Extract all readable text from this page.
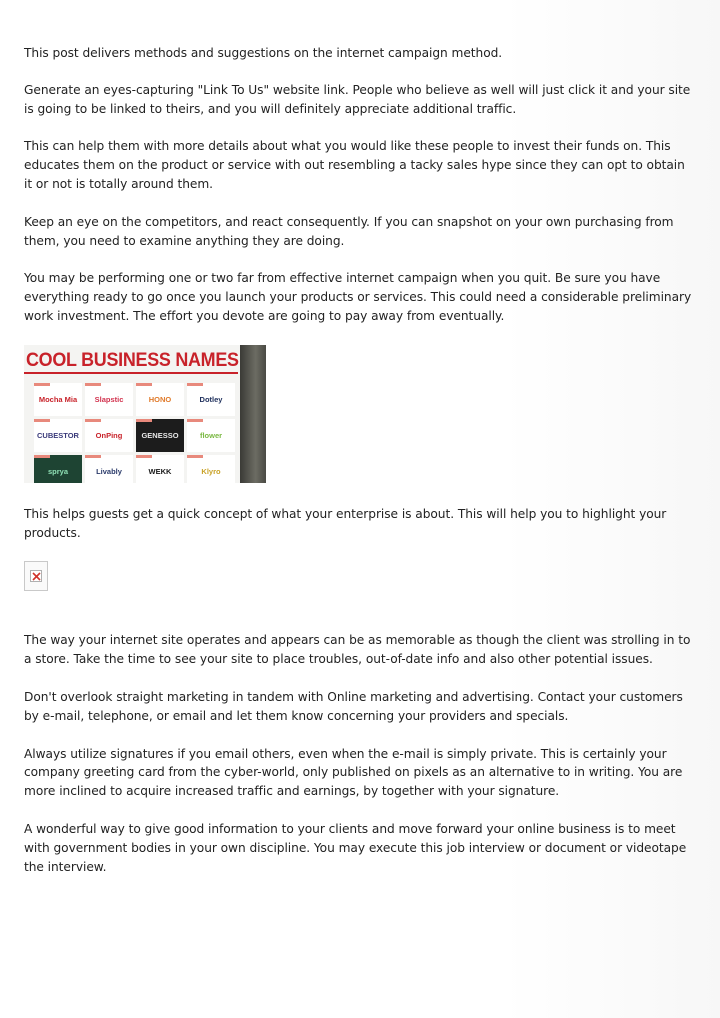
This post delivers methods and suggestions on the internet campaign method.

Generate an eyes-capturing "Link To Us" website link. People who believe as well will just click it and your site is going to be linked to theirs, and you will definitely appreciate additional traffic.

This can help them with more details about what you would like these people to invest their funds on. This educates them on the product or service with out resembling a tacky sales hype since they can opt to obtain it or not is totally around them.

Keep an eye on the competitors, and react consequently. If you can snapshot on your own purchasing from them, you need to examine anything they are doing.

You may be performing one or two far from effective internet campaign when you quit. Be sure you have everything ready to go once you launch your products or services. This could need a considerable preliminary work investment. The effort you devote are going to pay away from eventually.

COOL BUSINESS NAMES
Mocha Mia Slapstic	HONO	Dotley
CUBESTOR OnPing	GENESSO	flower
sprya	Livably	WEKK	Klyro

This helps guests get a quick concept of what your enterprise is about. This will help you to highlight your products.

The way your internet site operates and appears can be as memorable as though the client was strolling in to a store. Take the time to see your site to place troubles, out-of-date info and also other potential issues.

Don't overlook straight marketing in tandem with Online marketing and advertising. Contact your customers by e-mail, telephone, or email and let them know concerning your providers and specials.

Always utilize signatures if you email others, even when the e-mail is simply private. This is certainly your company greeting card from the cyber-world, only published on pixels as an alternative to in writing. You are more inclined to acquire increased traffic and earnings, by together with your signature.

A wonderful way to give good information to your clients and move forward your online business is to meet with government bodies in your own discipline. You may execute this job interview or document or videotape the interview.
